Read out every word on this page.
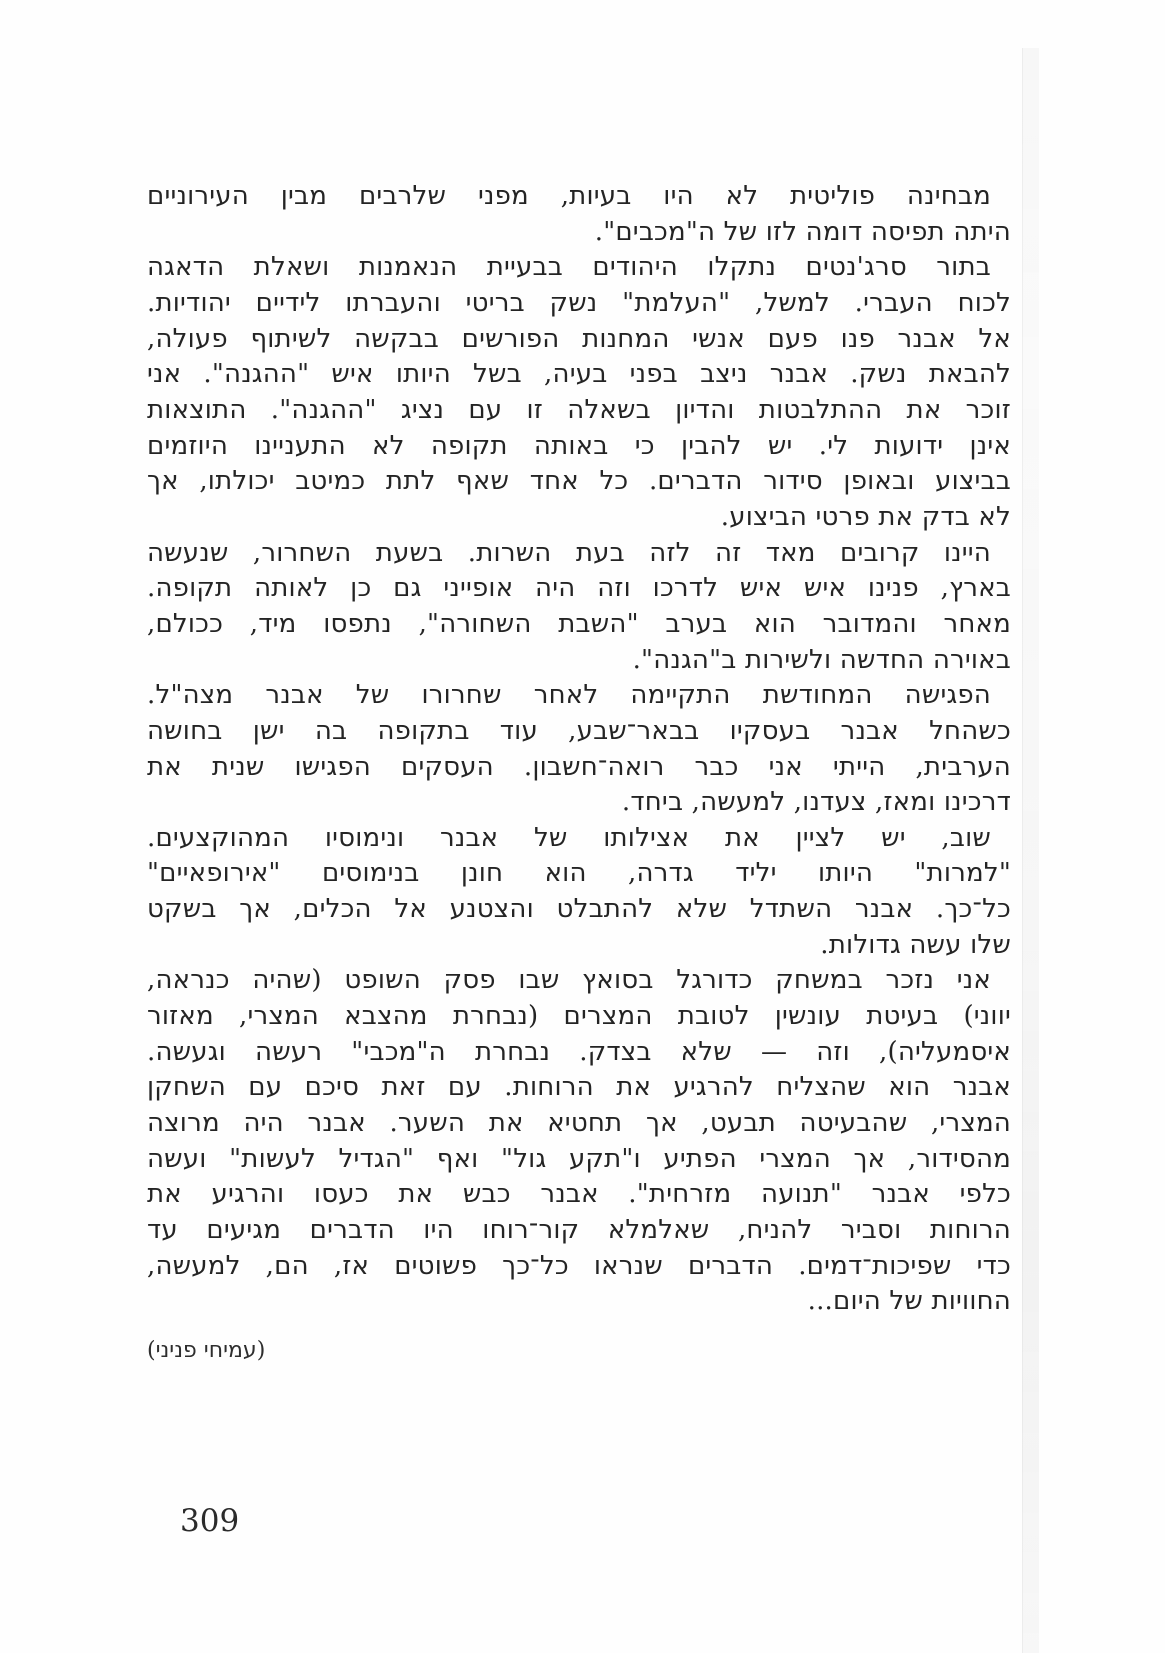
מבחינה פוליטית לא היו בעיות, מפני שלרבים מבין העירוניים
היתה תפיסה דומה לזו של ה"מכבים".
בתור סרג'נטים נתקלו היהודים בבעיית הנאמנות ושאלת הדאגה
לכוח העברי. למשל, "העלמת" נשק בריטי והעברתו לידיים יהודיות.
אל אבנר פנו פעם אנשי המחנות הפורשים בבקשה לשיתוף פעולה,
להבאת נשק. אבנר ניצב בפני בעיה, בשל היותו איש "ההגנה". אני
זוכר את ההתלבטות והדיון בשאלה זו עם נציג "ההגנה". התוצאות
אינן ידועות לי. יש להבין כי באותה תקופה לא התעניינו היוזמים
בביצוע ובאופן סידור הדברים. כל אחד שאף לתת כמיטב יכולתו, אך
לא בדק את פרטי הביצוע.
היינו קרובים מאד זה לזה בעת השרות. בשעת השחרור, שנעשה
בארץ, פנינו איש איש לדרכו וזה היה אופייני גם כן לאותה תקופה.
מאחר והמדובר הוא בערב "השבת השחורה", נתפסו מיד, ככולם,
באוירה החדשה ולשירות ב"הגנה".
הפגישה המחודשת התקיימה לאחר שחרורו של אבנר מצה"ל.
כשהחל אבנר בעסקיו בבאר־שבע, עוד בתקופה בה ישן בחושה
הערבית, הייתי אני כבר רואה־חשבון. העסקים הפגישו שנית את
דרכינו ומאז, צעדנו, למעשה, ביחד.
שוב, יש לציין את אצילותו של אבנר ונימוסיו המהוקצעים.
"למרות" היותו יליד גדרה, הוא חונן בנימוסים "אירופאיים"
כל־כך. אבנר השתדל שלא להתבלט והצטנע אל הכלים, אך בשקט
שלו עשה גדולות.
אני נזכר במשחק כדורגל בסואץ שבו פסק השופט (שהיה כנראה,
יווני) בעיטת עונשין לטובת המצרים (נבחרת מהצבא המצרי, מאזור
איסמעליה), וזה — שלא בצדק. נבחרת ה"מכבי" רעשה וגעשה.
אבנר הוא שהצליח להרגיע את הרוחות. עם זאת סיכם עם השחקן
המצרי, שהבעיטה תבעט, אך תחטיא את השער. אבנר היה מרוצה
מהסידור, אך המצרי הפתיע ו"תקע גול" ואף "הגדיל לעשות" ועשה
כלפי אבנר "תנועה מזרחית". אבנר כבש את כעסו והרגיע את
הרוחות וסביר להניח, שאלמלא קור־רוחו היו הדברים מגיעים עד
כדי שפיכות־דמים. הדברים שנראו כל־כך פשוטים אז, הם, למעשה,
החוויות של היום...
(עמיחי פניני)
309
